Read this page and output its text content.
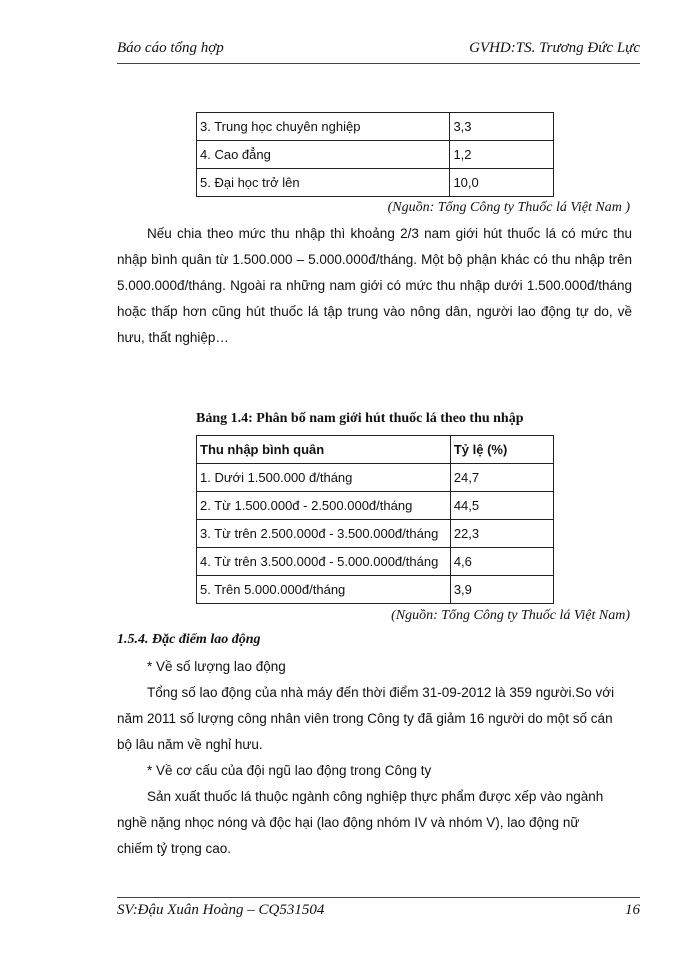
Báo cáo tổng hợp	GVHD:TS. Trương Đức Lực
3. Trung học chuyên nghiệp	3,3
4. Cao đẳng	1,2
5. Đại học trở lên	10,0
(Nguồn: Tổng Công ty Thuốc lá Việt Nam )

Nếu chia theo mức thu nhập thì khoảng 2/3 nam giới hút thuốc lá có mức thu nhập bình quân từ 1.500.000 – 5.000.000đ/tháng. Một bộ phận khác có thu nhập trên 5.000.000đ/tháng. Ngoài ra những nam giới có mức thu nhập dưới 1.500.000đ/tháng hoặc thấp hơn cũng hút thuốc lá tập trung vào nông dân, người lao động tự do, về hưu, thất nghiệp…

Bảng 1.4: Phân bố nam giới hút thuốc lá theo thu nhập
Thu nhập bình quân	Tỷ lệ (%)
1. Dưới 1.500.000 đ/tháng	24,7
2. Từ 1.500.000đ - 2.500.000đ/tháng	44,5
3. Từ trên 2.500.000đ - 3.500.000đ/tháng	22,3
4. Từ trên 3.500.000đ - 5.000.000đ/tháng	4,6
5. Trên 5.000.000đ/tháng	3,9
(Nguồn: Tổng Công ty Thuốc lá Việt Nam)
1.5.4. Đặc điểm lao động
* Về số lượng lao động
Tổng số lao động của nhà máy đến thời điểm 31-09-2012 là 359 người.So với
năm 2011 số lượng công nhân viên trong Công ty đã giảm 16 người do một số cán
bộ lâu năm về nghỉ hưu.
* Về cơ cấu của đội ngũ lao động trong Công ty
Sản xuất thuốc lá thuộc ngành công nghiệp thực phẩm được xếp vào ngành
nghề nặng nhọc nóng và độc hại (lao động nhóm IV và nhóm V), lao động nữ
chiếm tỷ trọng cao.
SV:Đậu Xuân Hoàng – CQ531504	16
